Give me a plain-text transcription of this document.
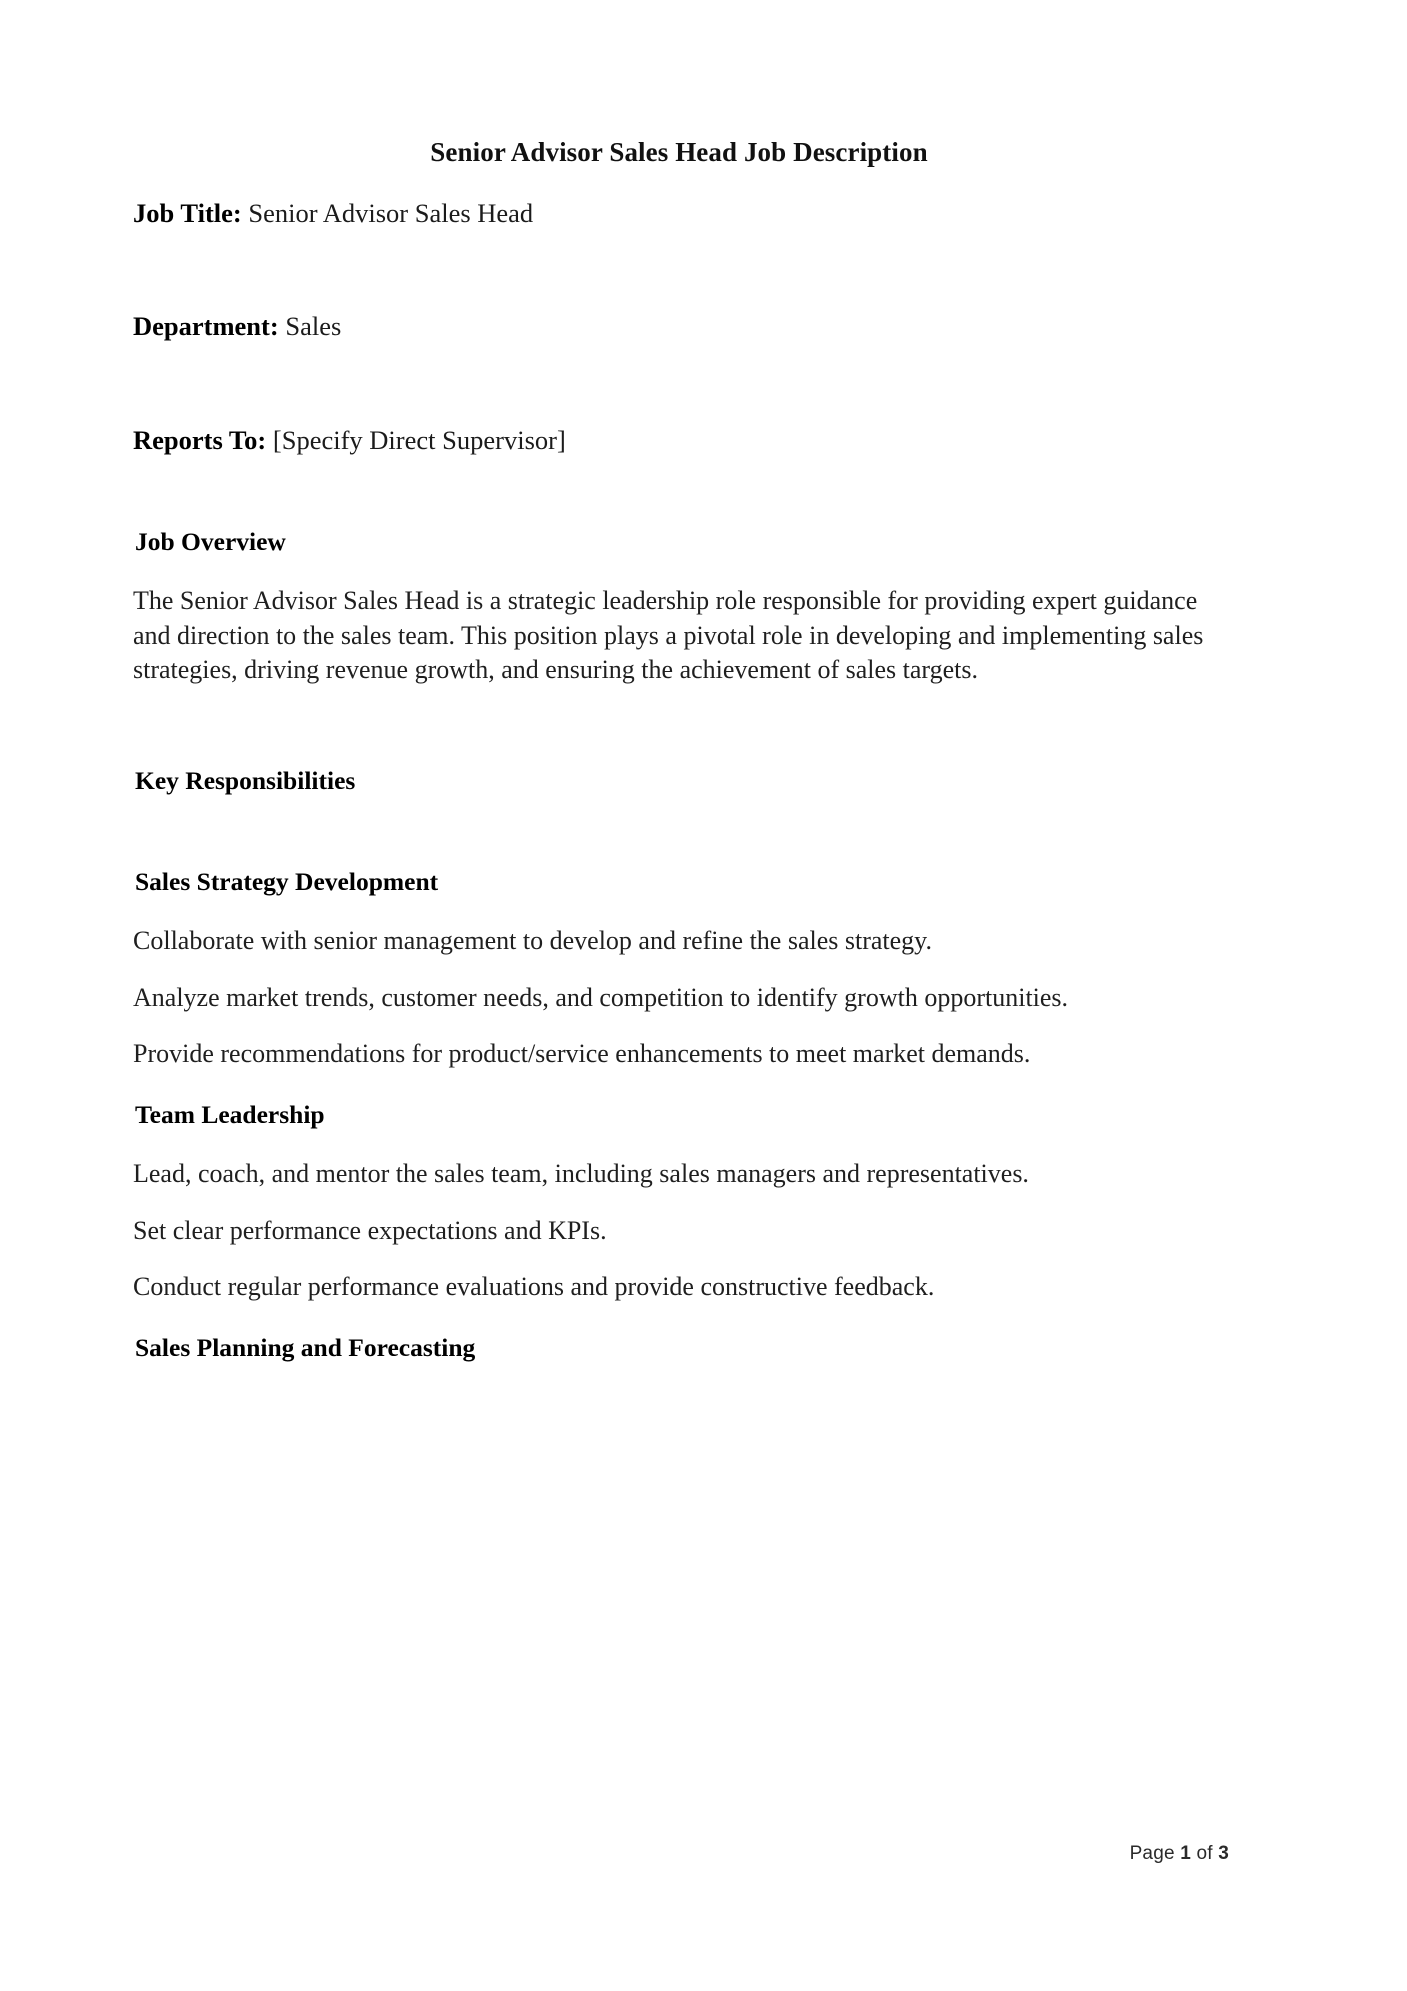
Senior Advisor Sales Head Job Description

Job Title: Senior Advisor Sales Head

Department: Sales

Reports To: [Specify Direct Supervisor]

Job Overview

The Senior Advisor Sales Head is a strategic leadership role responsible for providing expert guidance and direction to the sales team. This position plays a pivotal role in developing and implementing sales strategies, driving revenue growth, and ensuring the achievement of sales targets.

Key Responsibilities
Sales Strategy Development

Collaborate with senior management to develop and refine the sales strategy.

Analyze market trends, customer needs, and competition to identify growth opportunities.

Provide recommendations for product/service enhancements to meet market demands.

Team Leadership

Lead, coach, and mentor the sales team, including sales managers and representatives.

Set clear performance expectations and KPIs.

Conduct regular performance evaluations and provide constructive feedback.

Sales Planning and Forecasting
Page 1 of 3
